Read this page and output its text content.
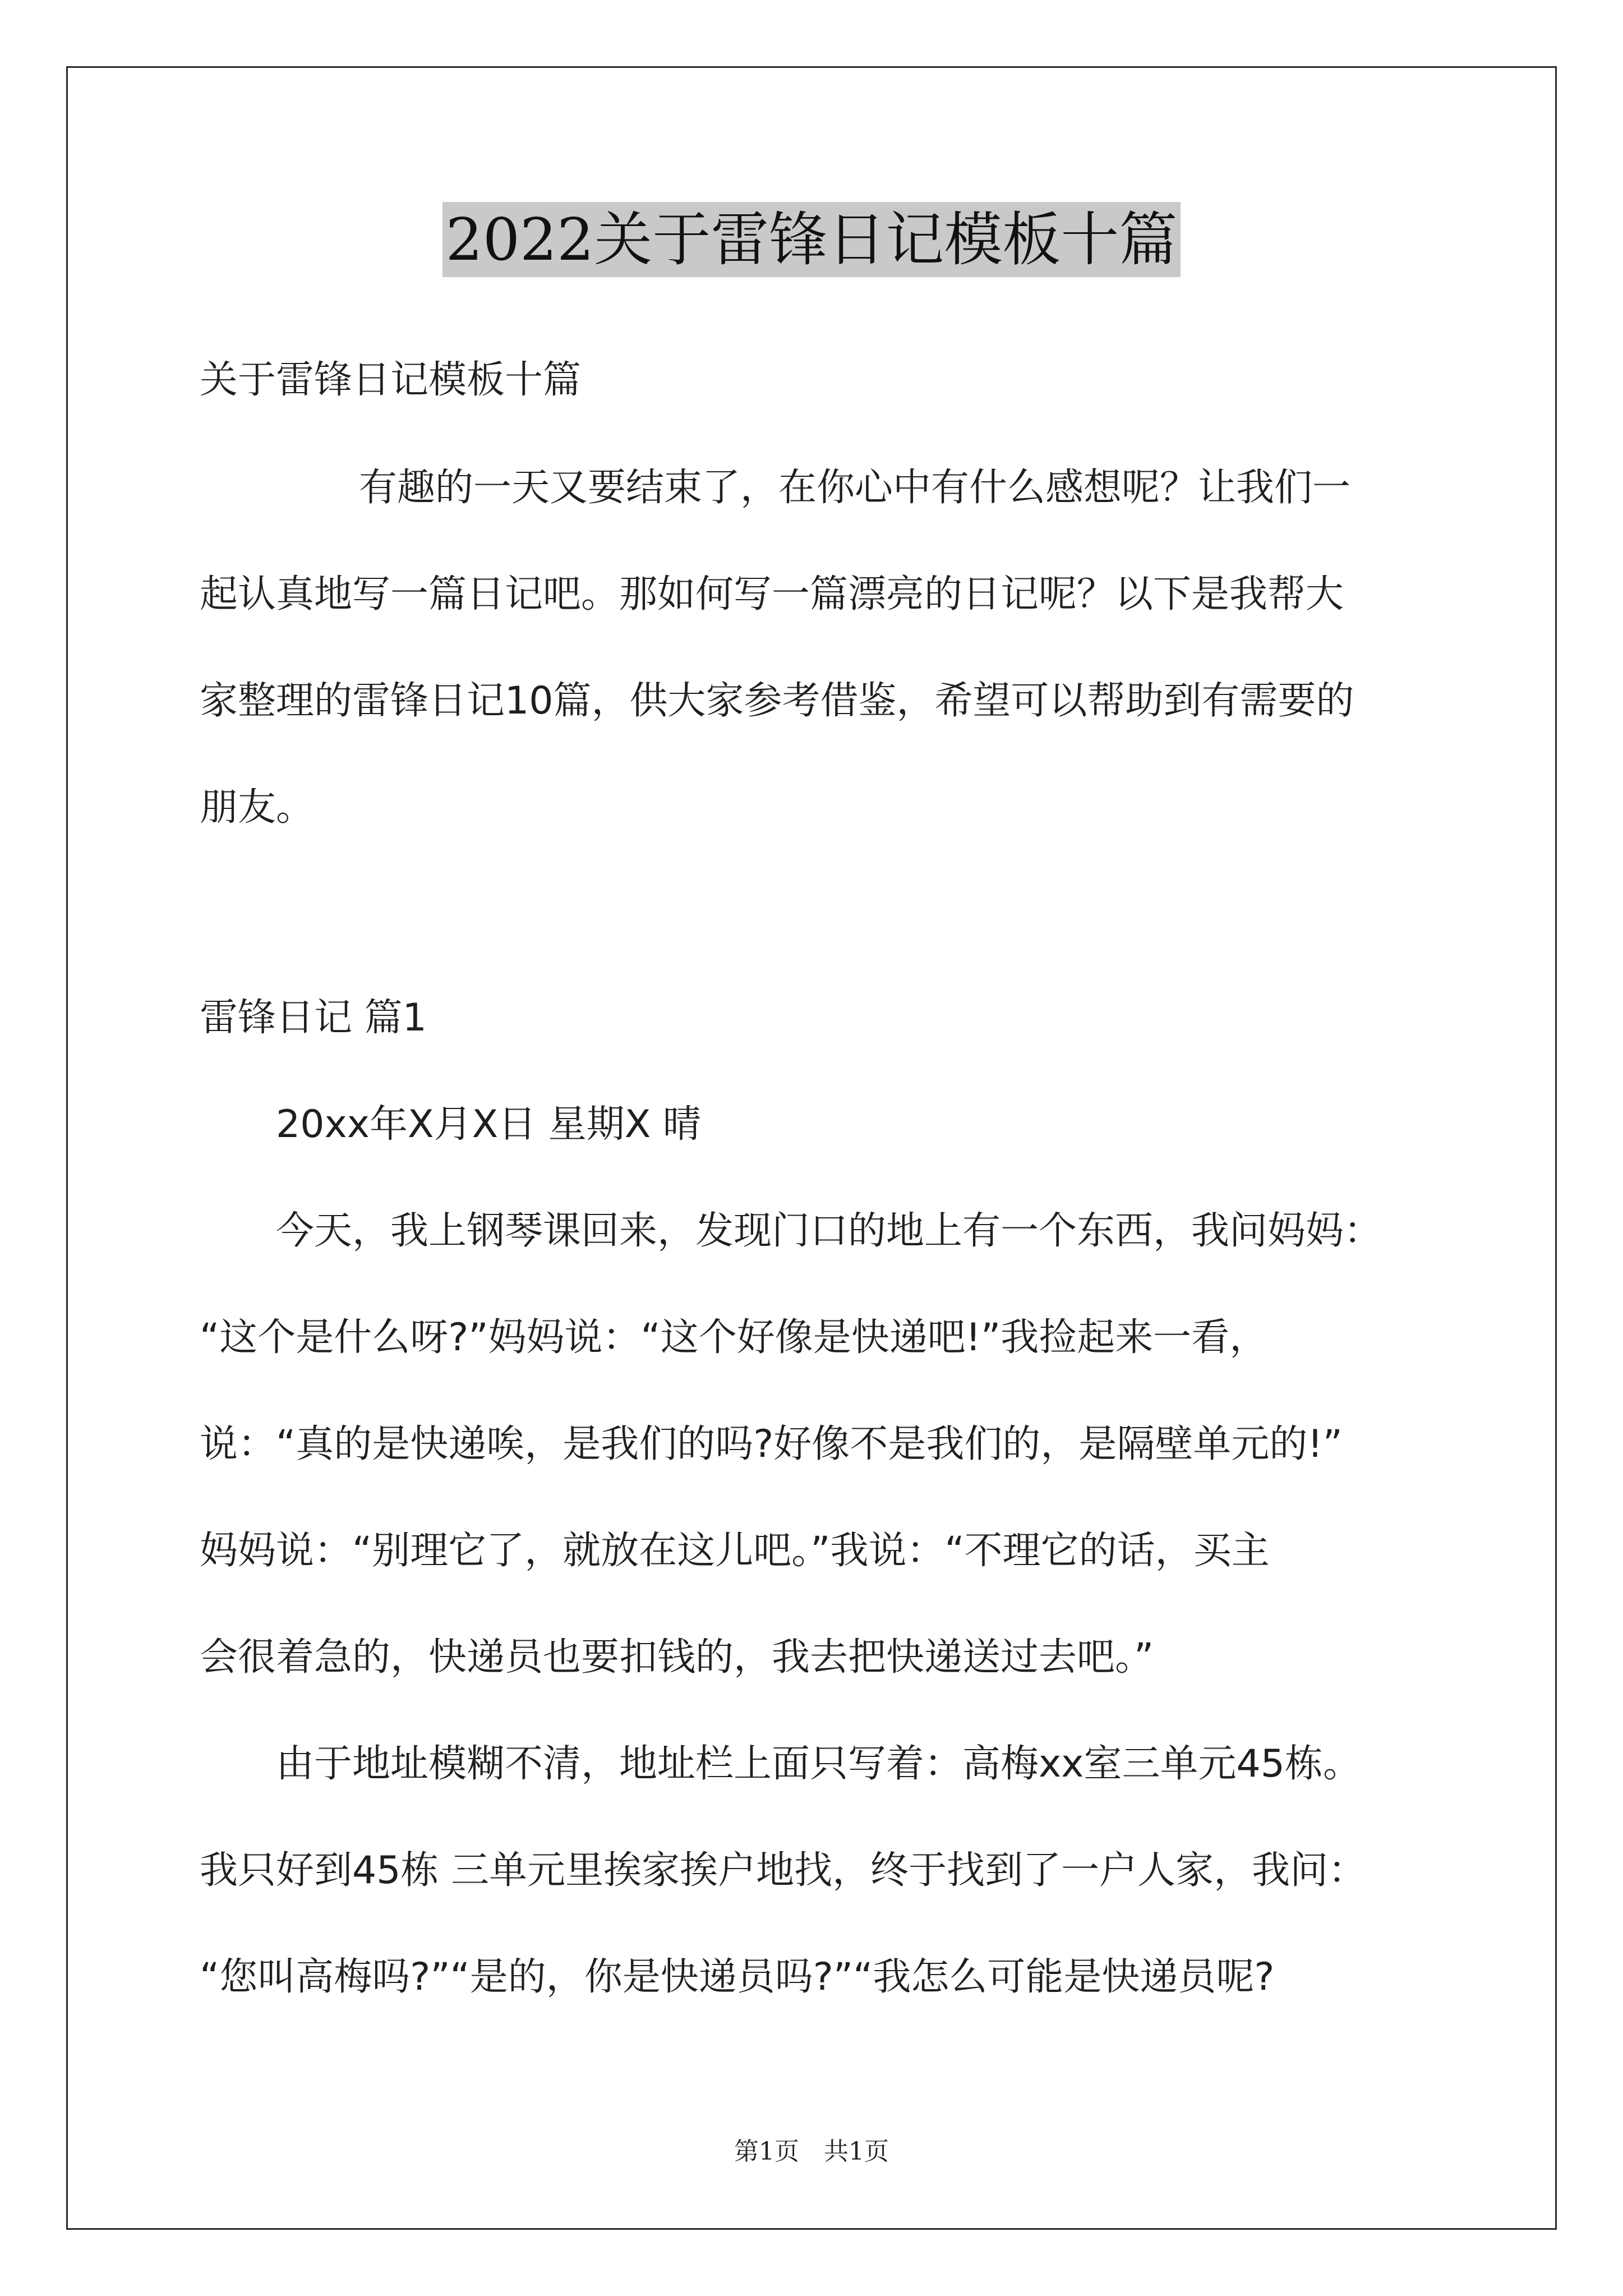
2022关于雷锋日记模板十篇
关于雷锋日记模板十篇
有趣的一天又要结束了，在你心中有什么感想呢？让我们一
起认真地写一篇日记吧。那如何写一篇漂亮的日记呢？以下是我帮大
家整理的雷锋日记10篇，供大家参考借鉴，希望可以帮助到有需要的
朋友。
雷锋日记 篇1
20xx年X月X日 星期X 晴
今天，我上钢琴课回来，发现门口的地上有一个东西，我问妈妈：
“这个是什么呀?”妈妈说：“这个好像是快递吧!”我捡起来一看，
说：“真的是快递唉，是我们的吗?好像不是我们的，是隔壁单元的!”
妈妈说：“别理它了，就放在这儿吧。”我说：“不理它的话，买主
会很着急的，快递员也要扣钱的，我去把快递送过去吧。”
由于地址模糊不清，地址栏上面只写着：高梅xx室三单元45栋。
我只好到45栋 三单元里挨家挨户地找，终于找到了一户人家，我问：
“您叫高梅吗?”“是的，你是快递员吗?”“我怎么可能是快递员呢?
第1页 共1页
